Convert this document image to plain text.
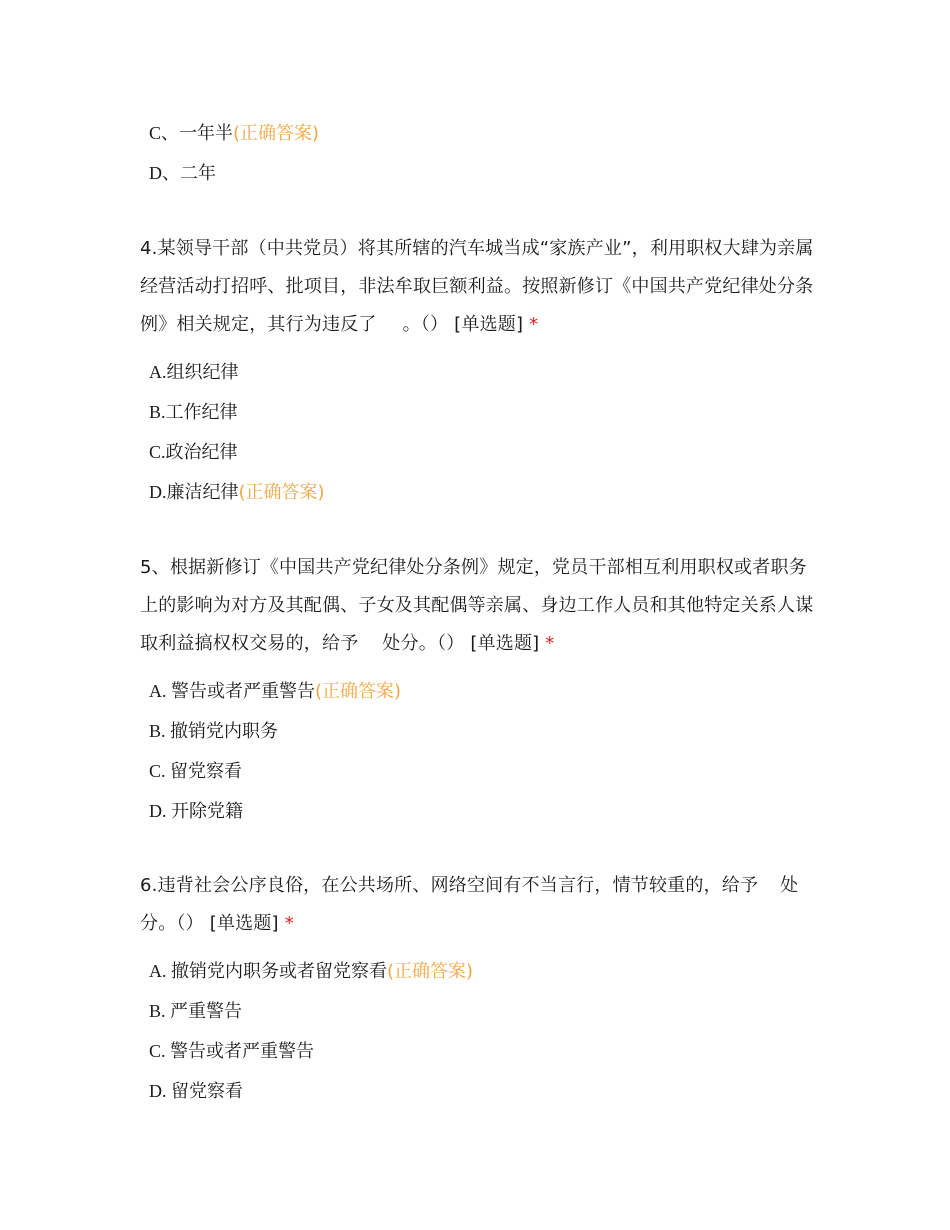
C、一年半(正确答案)
D、二年

4.某领导干部（中共党员）将其所辖的汽车城当成“家族产业”，利用职权大肆为亲属经营活动打招呼、批项目，非法牟取巨额利益。按照新修订《中国共产党纪律处分条例》相关规定，其行为违反了 。（） [单选题] *

A.组织纪律
B.工作纪律
C.政治纪律
D.廉洁纪律(正确答案)

5、根据新修订《中国共产党纪律处分条例》规定，党员干部相互利用职权或者职务上的影响为对方及其配偶、子女及其配偶等亲属、身边工作人员和其他特定关系人谋取利益搞权权交易的，给予 处分。（） [单选题] *

A. 警告或者严重警告(正确答案)
B. 撤销党内职务
C. 留党察看
D. 开除党籍

6.违背社会公序良俗，在公共场所、网络空间有不当言行，情节较重的，给予 处分。（） [单选题] *

A. 撤销党内职务或者留党察看(正确答案)
B. 严重警告
C. 警告或者严重警告
D. 留党察看
